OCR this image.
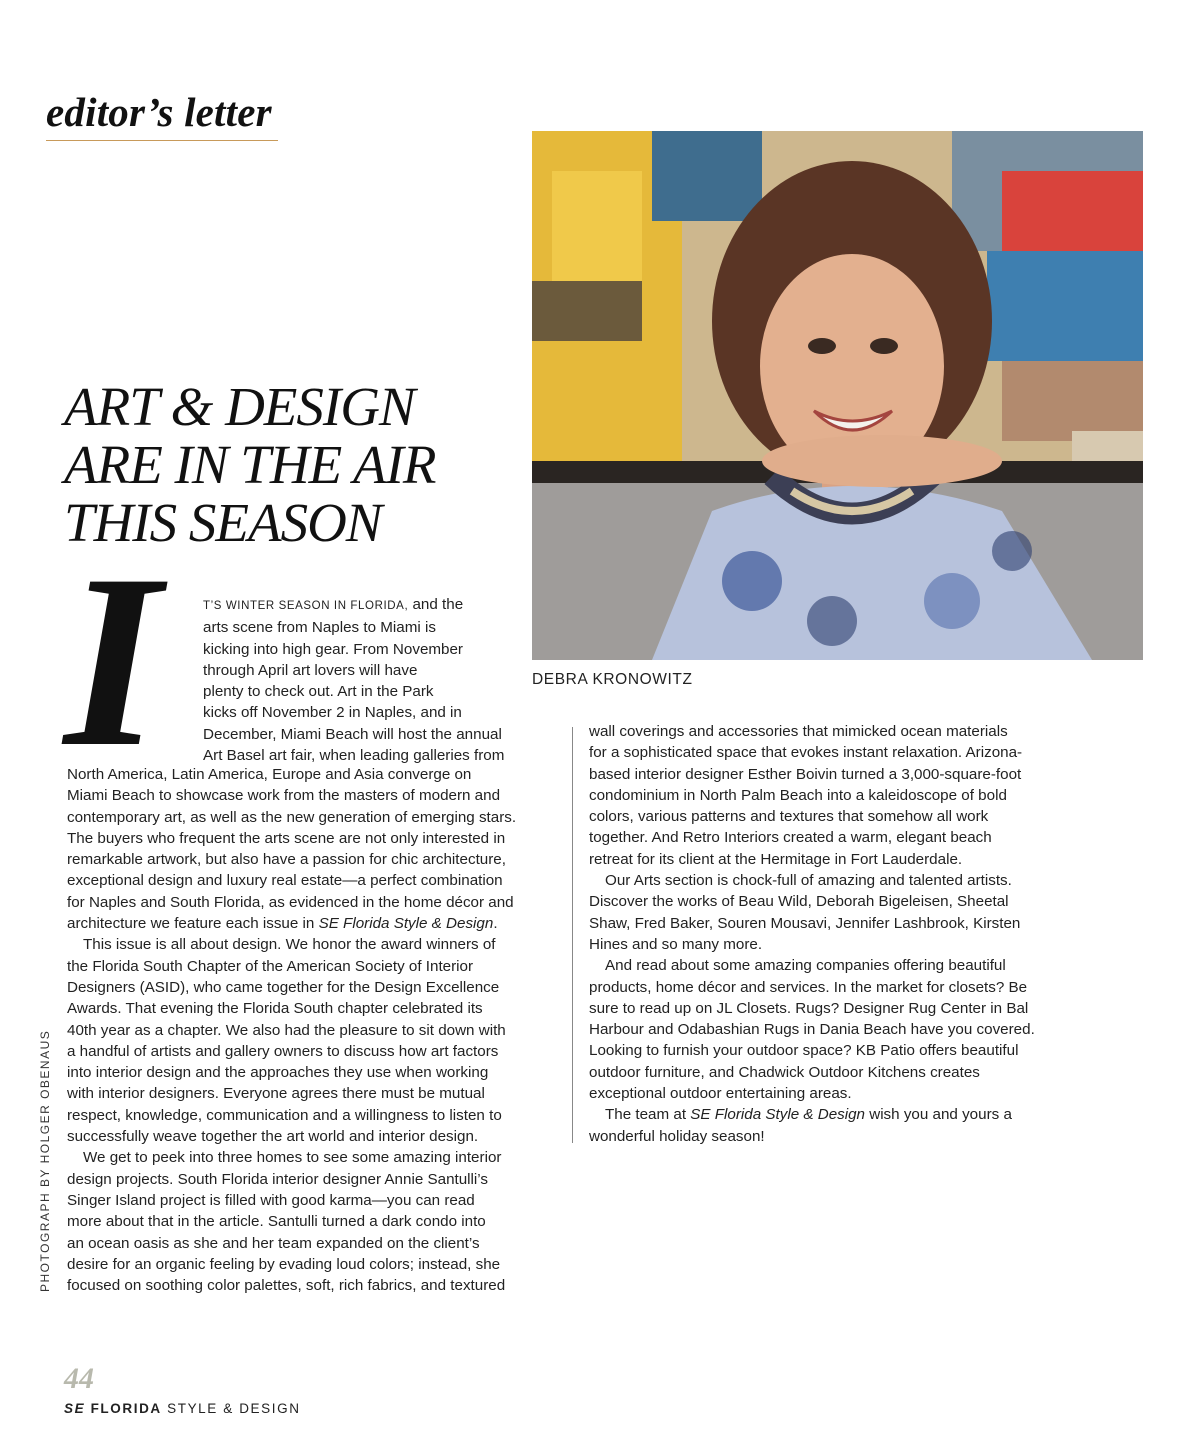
editor’s letter

DEBRA KRONOWITZ

ART & DESIGN
ARE IN THE AIR
THIS SEASON
I	T’S WINTER SEASON IN FLORIDA, and the
arts scene from Naples to Miami is
kicking into high gear. From November
through April art lovers will have
plenty to check out. Art in the Park
kicks off November 2 in Naples, and in
December, Miami Beach will host the annual
Art Basel art fair, when leading galleries from
North America, Latin America, Europe and Asia converge on
Miami Beach to showcase work from the masters of modern and
contemporary art, as well as the new generation of emerging stars.
The buyers who frequent the arts scene are not only interested in
remarkable artwork, but also have a passion for chic architecture,
exceptional design and luxury real estate—a perfect combination
for Naples and South Florida, as evidenced in the home décor and
architecture we feature each issue in SE Florida Style & Design.
This issue is all about design. We honor the award winners of
the Florida South Chapter of the American Society of Interior
Designers (ASID), who came together for the Design Excellence
Awards. That evening the Florida South chapter celebrated its
40th year as a chapter. We also had the pleasure to sit down with
a handful of artists and gallery owners to discuss how art factors
into interior design and the approaches they use when working
with interior designers. Everyone agrees there must be mutual
respect, knowledge, communication and a willingness to listen to
successfully weave together the art world and interior design.
We get to peek into three homes to see some amazing interior
design projects. South Florida interior designer Annie Santulli’s
Singer Island project is filled with good karma—you can read
more about that in the article. Santulli turned a dark condo into
an ocean oasis as she and her team expanded on the client’s
desire for an organic feeling by evading loud colors; instead, she
focused on soothing color palettes, soft, rich fabrics, and textured
wall coverings and accessories that mimicked ocean materials
for a sophisticated space that evokes instant relaxation. Arizona-
based interior designer Esther Boivin turned a 3,000-square-foot
condominium in North Palm Beach into a kaleidoscope of bold
colors, various patterns and textures that somehow all work
together. And Retro Interiors created a warm, elegant beach
retreat for its client at the Hermitage in Fort Lauderdale.
Our Arts section is chock-full of amazing and talented artists.
Discover the works of Beau Wild, Deborah Bigeleisen, Sheetal
Shaw, Fred Baker, Souren Mousavi, Jennifer Lashbrook, Kirsten
Hines and so many more.
And read about some amazing companies offering beautiful
products, home décor and services. In the market for closets? Be
sure to read up on JL Closets. Rugs? Designer Rug Center in Bal
Harbour and Odabashian Rugs in Dania Beach have you covered.
Looking to furnish your outdoor space? KB Patio offers beautiful
outdoor furniture, and Chadwick Outdoor Kitchens creates
exceptional outdoor entertaining areas.
The team at SE Florida Style & Design wish you and yours a
wonderful holiday season!
PHOTOGRAPH BY HOLGER OBENAUS

44

SE FLORIDA STYLE & DESIGN
